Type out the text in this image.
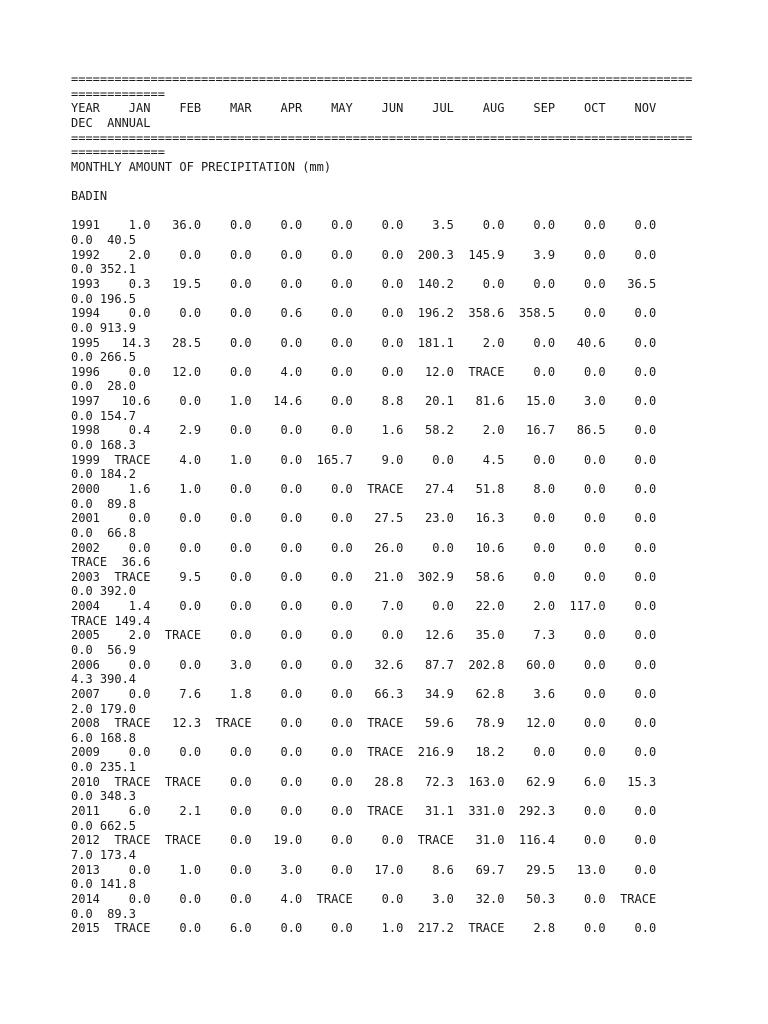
======================================================================================
=============
YEAR    JAN    FEB    MAR    APR    MAY    JUN    JUL    AUG    SEP    OCT    NOV
DEC  ANNUAL
======================================================================================
=============
MONTHLY AMOUNT OF PRECIPITATION (mm)
BADIN
1991    1.0   36.0    0.0    0.0    0.0    0.0    3.5    0.0    0.0    0.0    0.0
0.0  40.5
1992    2.0    0.0    0.0    0.0    0.0    0.0  200.3  145.9    3.9    0.0    0.0
0.0 352.1
1993    0.3   19.5    0.0    0.0    0.0    0.0  140.2    0.0    0.0    0.0   36.5
0.0 196.5
1994    0.0    0.0    0.0    0.6    0.0    0.0  196.2  358.6  358.5    0.0    0.0
0.0 913.9
1995   14.3   28.5    0.0    0.0    0.0    0.0  181.1    2.0    0.0   40.6    0.0
0.0 266.5
1996    0.0   12.0    0.0    4.0    0.0    0.0   12.0  TRACE    0.0    0.0    0.0
0.0  28.0
1997   10.6    0.0    1.0   14.6    0.0    8.8   20.1   81.6   15.0    3.0    0.0
0.0 154.7
1998    0.4    2.9    0.0    0.0    0.0    1.6   58.2    2.0   16.7   86.5    0.0
0.0 168.3
1999  TRACE    4.0    1.0    0.0  165.7    9.0    0.0    4.5    0.0    0.0    0.0
0.0 184.2
2000    1.6    1.0    0.0    0.0    0.0  TRACE   27.4   51.8    8.0    0.0    0.0
0.0  89.8
2001    0.0    0.0    0.0    0.0    0.0   27.5   23.0   16.3    0.0    0.0    0.0
0.0  66.8
2002    0.0    0.0    0.0    0.0    0.0   26.0    0.0   10.6    0.0    0.0    0.0
TRACE  36.6
2003  TRACE    9.5    0.0    0.0    0.0   21.0  302.9   58.6    0.0    0.0    0.0
0.0 392.0
2004    1.4    0.0    0.0    0.0    0.0    7.0    0.0   22.0    2.0  117.0    0.0
TRACE 149.4
2005    2.0  TRACE    0.0    0.0    0.0    0.0   12.6   35.0    7.3    0.0    0.0
0.0  56.9
2006    0.0    0.0    3.0    0.0    0.0   32.6   87.7  202.8   60.0    0.0    0.0
4.3 390.4
2007    0.0    7.6    1.8    0.0    0.0   66.3   34.9   62.8    3.6    0.0    0.0
2.0 179.0
2008  TRACE   12.3  TRACE    0.0    0.0  TRACE   59.6   78.9   12.0    0.0    0.0
6.0 168.8
2009    0.0    0.0    0.0    0.0    0.0  TRACE  216.9   18.2    0.0    0.0    0.0
0.0 235.1
2010  TRACE  TRACE    0.0    0.0    0.0   28.8   72.3  163.0   62.9    6.0   15.3
0.0 348.3
2011    6.0    2.1    0.0    0.0    0.0  TRACE   31.1  331.0  292.3    0.0    0.0
0.0 662.5
2012  TRACE  TRACE    0.0   19.0    0.0    0.0  TRACE   31.0  116.4    0.0    0.0
7.0 173.4
2013    0.0    1.0    0.0    3.0    0.0   17.0    8.6   69.7   29.5   13.0    0.0
0.0 141.8
2014    0.0    0.0    0.0    4.0  TRACE    0.0    3.0   32.0   50.3    0.0  TRACE
0.0  89.3
2015  TRACE    0.0    6.0    0.0    0.0    1.0  217.2  TRACE    2.8    0.0    0.0
